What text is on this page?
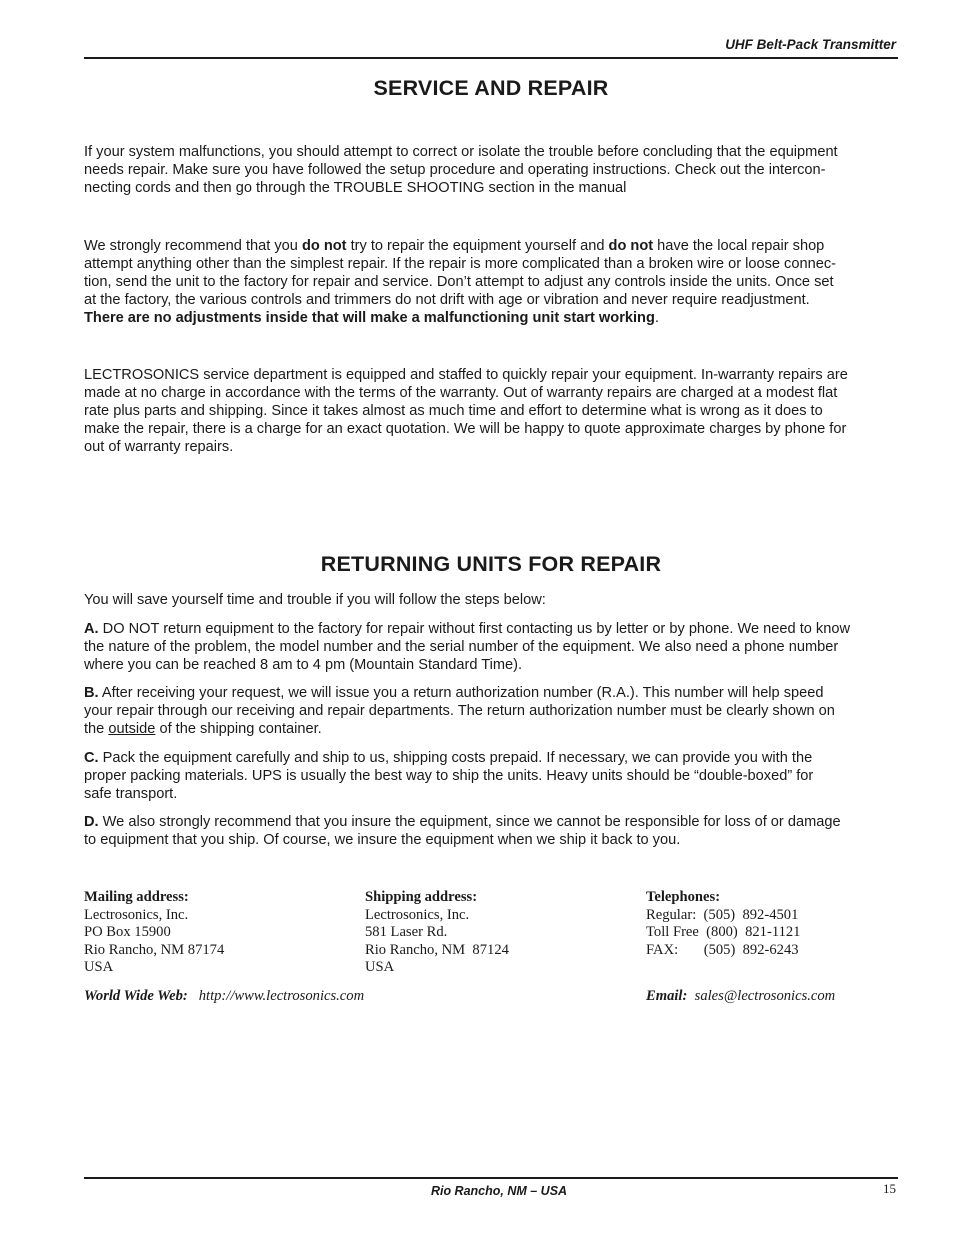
UHF Belt-Pack Transmitter
SERVICE AND REPAIR
If your system malfunctions, you should attempt to correct or isolate the trouble before concluding that the equipment
needs repair. Make sure you have followed the setup procedure and operating instructions. Check out the intercon-
necting cords and then go through the TROUBLE SHOOTING section in the manual
We strongly recommend that you do not try to repair the equipment yourself and do not have the local repair shop
attempt anything other than the simplest repair. If the repair is more complicated than a broken wire or loose connec-
tion, send the unit to the factory for repair and service. Don’t attempt to adjust any controls inside the units. Once set
at the factory, the various controls and trimmers do not drift with age or vibration and never require readjustment.
There are no adjustments inside that will make a malfunctioning unit start working.
LECTROSONICS service department is equipped and staffed to quickly repair your equipment. In-warranty repairs are
made at no charge in accordance with the terms of the warranty. Out of warranty repairs are charged at a modest flat
rate plus parts and shipping. Since it takes almost as much time and effort to determine what is wrong as it does to
make the repair, there is a charge for an exact quotation. We will be happy to quote approximate charges by phone for
out of warranty repairs.
RETURNING UNITS FOR REPAIR
You will save yourself time and trouble if you will follow the steps below:
A. DO NOT return equipment to the factory for repair without first contacting us by letter or by phone. We need to know
the nature of the problem, the model number and the serial number of the equipment. We also need a phone number
where you can be reached 8 am to 4 pm (Mountain Standard Time).
B. After receiving your request, we will issue you a return authorization number (R.A.). This number will help speed
your repair through our receiving and repair departments. The return authorization number must be clearly shown on
the outside of the shipping container.
C. Pack the equipment carefully and ship to us, shipping costs prepaid. If necessary, we can provide you with the
proper packing materials. UPS is usually the best way to ship the units. Heavy units should be “double-boxed” for
safe transport.
D. We also strongly recommend that you insure the equipment, since we cannot be responsible for loss of or damage
to equipment that you ship. Of course, we insure the equipment when we ship it back to you.
Mailing address:
Lectrosonics, Inc.
PO Box 15900
Rio Rancho, NM 87174
USA
Shipping address:
Lectrosonics, Inc.
581 Laser Rd.
Rio Rancho, NM  87124
USA
Telephones:
Regular:  (505)  892-4501
Toll Free  (800)  821-1121
FAX:       (505)  892-6243
World Wide Web: http://www.lectrosonics.com	Email: sales@lectrosonics.com
Rio Rancho, NM – USA	15
